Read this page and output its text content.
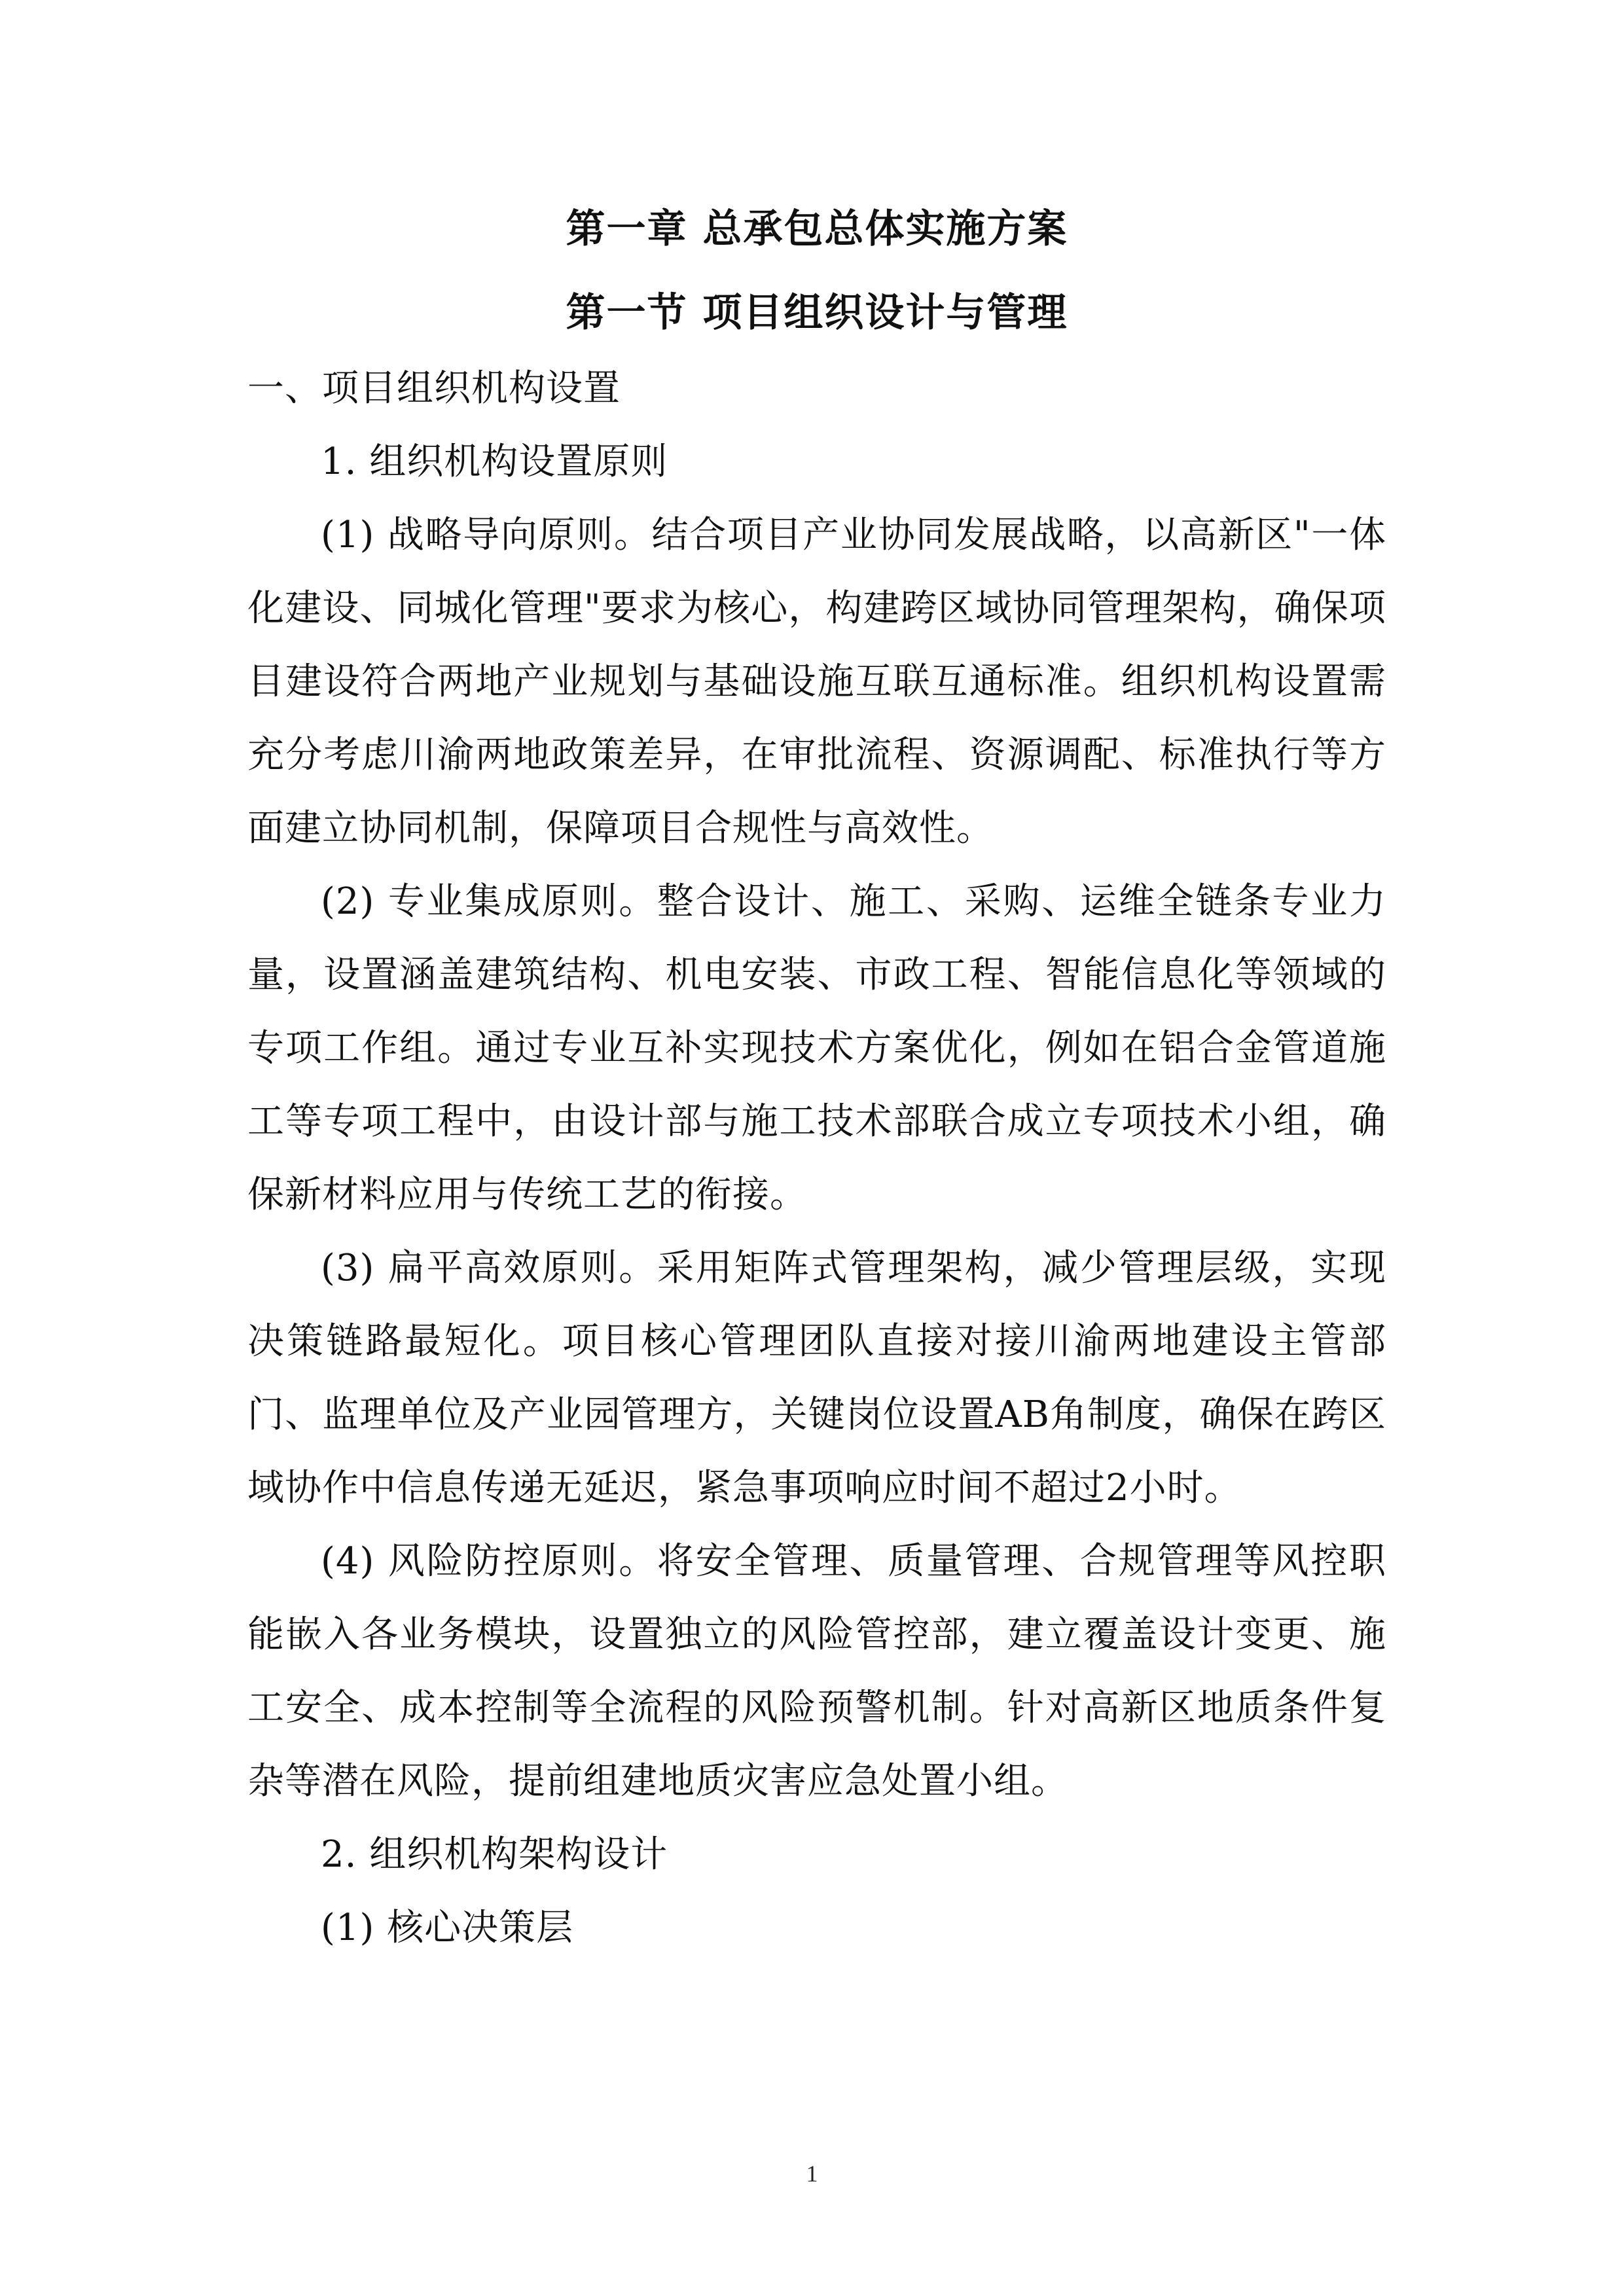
第一章 总承包总体实施方案
第一节 项目组织设计与管理
一、项目组织机构设置
1. 组织机构设置原则

(1) 战略导向原则。结合项目产业协同发展战略，以高新区"一体化建设、同城化管理"要求为核心，构建跨区域协同管理架构，确保项目建设符合两地产业规划与基础设施互联互通标准。组织机构设置需充分考虑川渝两地政策差异，在审批流程、资源调配、标准执行等方面建立协同机制，保障项目合规性与高效性。

(2) 专业集成原则。整合设计、施工、采购、运维全链条专业力量，设置涵盖建筑结构、机电安装、市政工程、智能信息化等领域的专项工作组。通过专业互补实现技术方案优化，例如在铝合金管道施工等专项工程中，由设计部与施工技术部联合成立专项技术小组，确保新材料应用与传统工艺的衔接。

(3) 扁平高效原则。采用矩阵式管理架构，减少管理层级，实现决策链路最短化。项目核心管理团队直接对接川渝两地建设主管部门、监理单位及产业园管理方，关键岗位设置AB角制度，确保在跨区域协作中信息传递无延迟，紧急事项响应时间不超过2小时。

(4) 风险防控原则。将安全管理、质量管理、合规管理等风控职能嵌入各业务模块，设置独立的风险管控部，建立覆盖设计变更、施工安全、成本控制等全流程的风险预警机制。针对高新区地质条件复杂等潜在风险，提前组建地质灾害应急处置小组。

2. 组织机构架构设计
(1) 核心决策层
1
